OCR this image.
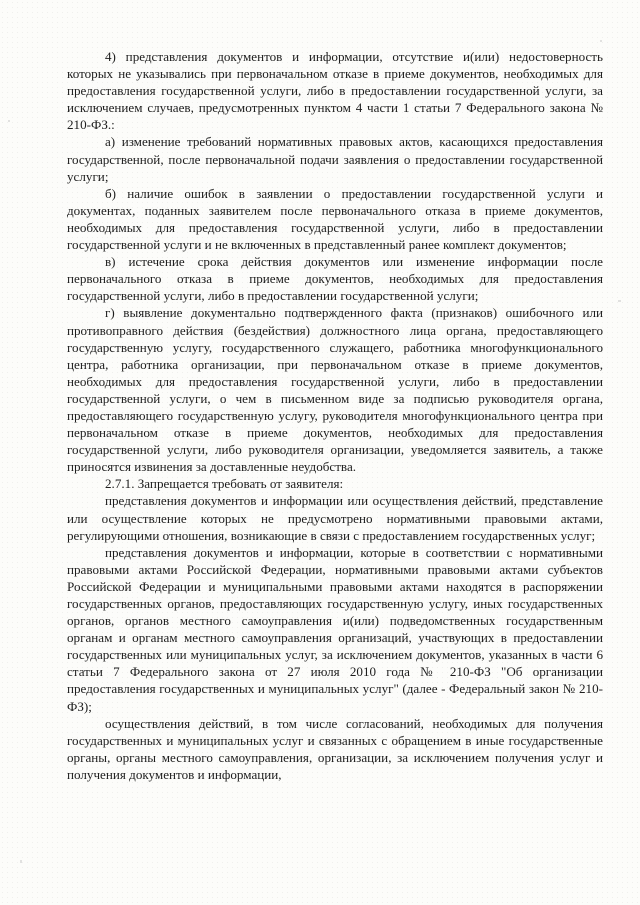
4) представления документов и информации, отсутствие и(или) недостоверность которых не указывались при первоначальном отказе в приеме документов, необходимых для предоставления государственной услуги, либо в предоставлении государственной услуги, за исключением случаев, предусмотренных пунктом 4 части 1 статьи 7 Федерального закона № 210-ФЗ.:

а) изменение требований нормативных правовых актов, касающихся предоставления государственной, после первоначальной подачи заявления о предоставлении государственной услуги;

б) наличие ошибок в заявлении о предоставлении государственной услуги и документах, поданных заявителем после первоначального отказа в приеме документов, необходимых для предоставления государственной услуги, либо в предоставлении государственной услуги и не включенных в представленный ранее комплект документов;

в) истечение срока действия документов или изменение информации после первоначального отказа в приеме документов, необходимых для предоставления государственной услуги, либо в предоставлении государственной услуги;

г) выявление документально подтвержденного факта (признаков) ошибочного или противоправного действия (бездействия) должностного лица органа, предоставляющего государственную услугу, государственного служащего, работника многофункционального центра, работника организации, при первоначальном отказе в приеме документов, необходимых для предоставления государственной услуги, либо в предоставлении государственной услуги, о чем в письменном виде за подписью руководителя органа, предоставляющего государственную услугу, руководителя многофункционального центра при первоначальном отказе в приеме документов, необходимых для предоставления государственной услуги, либо руководителя организации, уведомляется заявитель, а также приносятся извинения за доставленные неудобства.

2.7.1. Запрещается требовать от заявителя:

представления документов и информации или осуществления действий, представление или осуществление которых не предусмотрено нормативными правовыми актами, регулирующими отношения, возникающие в связи с предоставлением государственных услуг;

представления документов и информации, которые в соответствии с нормативными правовыми актами Российской Федерации, нормативными правовыми актами субъектов Российской Федерации и муниципальными правовыми актами находятся в распоряжении государственных органов, предоставляющих государственную услугу, иных государственных органов, органов местного самоуправления и(или) подведомственных государственным органам и органам местного самоуправления организаций, участвующих в предоставлении государственных или муниципальных услуг, за исключением документов, указанных в части 6 статьи 7 Федерального закона от 27 июля 2010 года № 210-ФЗ "Об организации предоставления государственных и муниципальных услуг" (далее - Федеральный закон № 210-ФЗ);

осуществления действий, в том числе согласований, необходимых для получения государственных и муниципальных услуг и связанных с обращением в иные государственные органы, органы местного самоуправления, организации, за исключением получения услуг и получения документов и информации,
